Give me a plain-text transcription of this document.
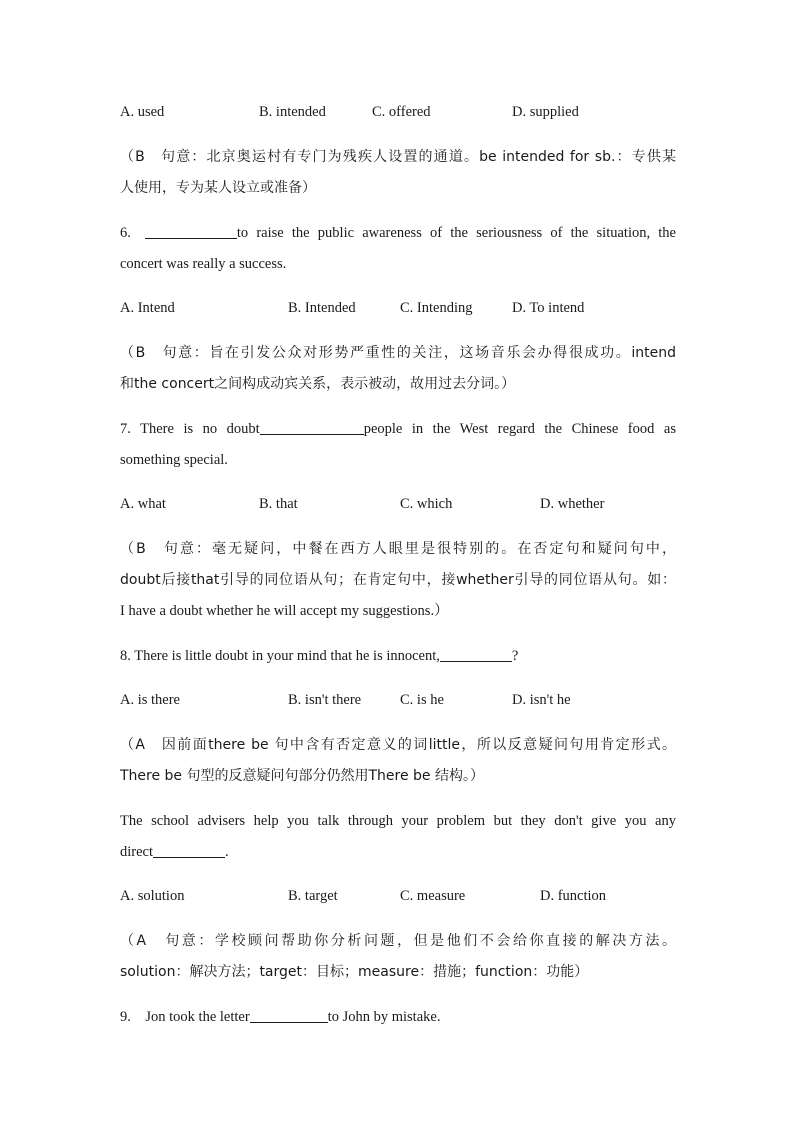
A. used	B. intended	C. offered	D. supplied
（B　句意：北京奥运村有专门为残疾人设置的通道。be intended for sb.：专供某
人使用，专为某人设立或准备）
6.	to raise the public awareness of the seriousness of the situation, the
concert was really a success.
A. Intend	B. Intended	C. Intending	D. To intend
（B　句意：旨在引发公众对形势严重性的关注，这场音乐会办得很成功。intend
和the concert之间构成动宾关系，表示被动，故用过去分词。）
7. There is no doubt	people in the West regard the Chinese food as
something special.
A. what	B. that	C. which	D. whether
（B　句意：毫无疑问，中餐在西方人眼里是很特别的。在否定句和疑问句中，
doubt后接that引导的同位语从句；在肯定句中，接whether引导的同位语从句。如：
I have a doubt whether he will accept my suggestions.）
8. There is little doubt in your mind that he is innocent,	?
A. is there	B. isn't there	C. is he	D. isn't he
（A　因前面there be 句中含有否定意义的词little，所以反意疑问句用肯定形式。
There be 句型的反意疑问句部分仍然用There be 结构。）
The school advisers help you talk through your problem but they don't give you any
direct	.
A. solution	B. target	C. measure	D. function
（A　句意：学校顾问帮助你分析问题，但是他们不会给你直接的解决方法。
solution：解决方法；target：目标；measure：措施；function：功能）
9.　Jon took the letter	to John by mistake.
